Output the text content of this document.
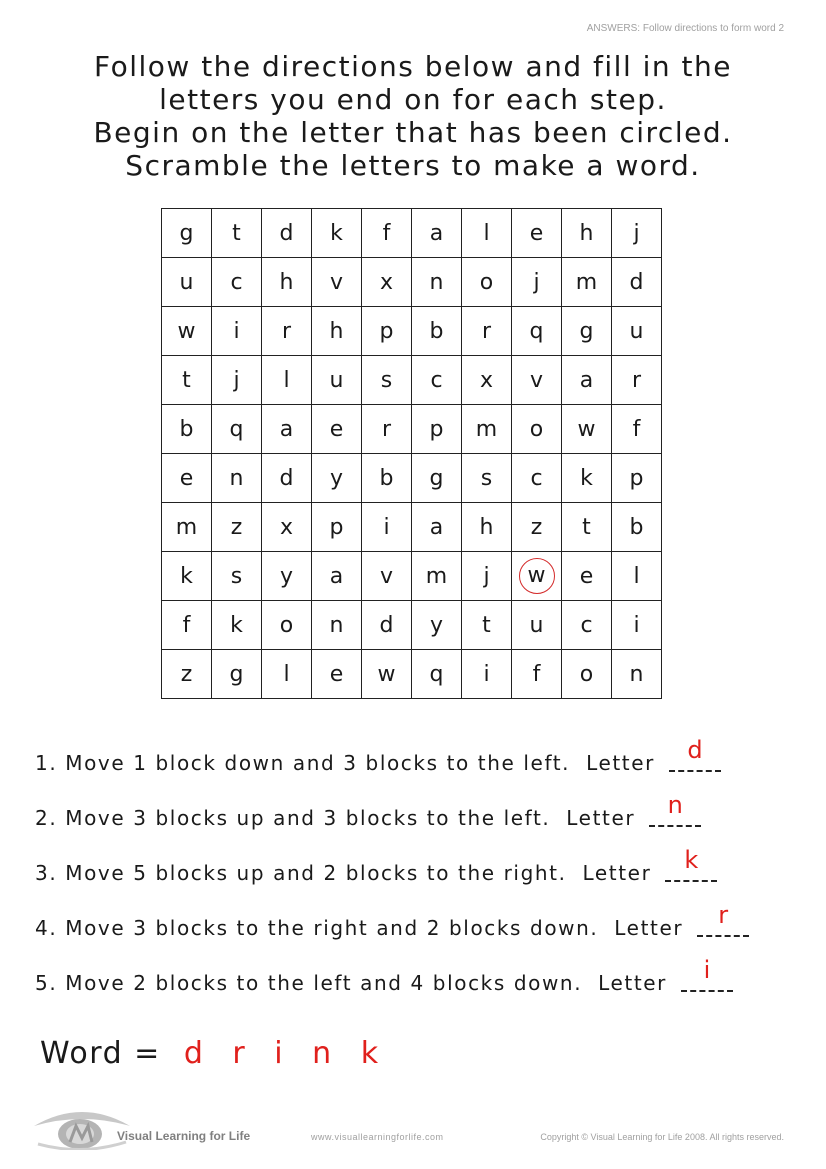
ANSWERS: Follow directions to form word 2
Follow the directions below and fill in the
letters you end on for each step.
Begin on the letter that has been circled.
Scramble the letters to make a word.
g	t	d	k	f	a	l	e	h	j
u	c	h	v	x	n	o	j	m	d
w	i	r	h	p	b	r	q	g	u
t	j	l	u	s	c	x	v	a	r
b	q	a	e	r	p	m	o	w	f
e	n	d	y	b	g	s	c	k	p
m	z	x	p	i	a	h	z	t	b
k	s	y	a	v	m	j	w	e	l
f	k	o	n	d	y	t	u	c	i
z	g	l	e	w	q	i	f	o	n
1. Move 1 block down and 3 blocks to the left. Letter	d
2. Move 3 blocks up and 3 blocks to the left. Letter	n
3. Move 5 blocks up and 2 blocks to the right. Letter	k
4. Move 3 blocks to the right and 2 blocks down. Letter	r
5. Move 2 blocks to the left and 4 blocks down. Letter	i
Word = d r i n k
Visual Learning for Life	www.visuallearningforlife.com	Copyright © Visual Learning for Life 2008. All rights reserved.
